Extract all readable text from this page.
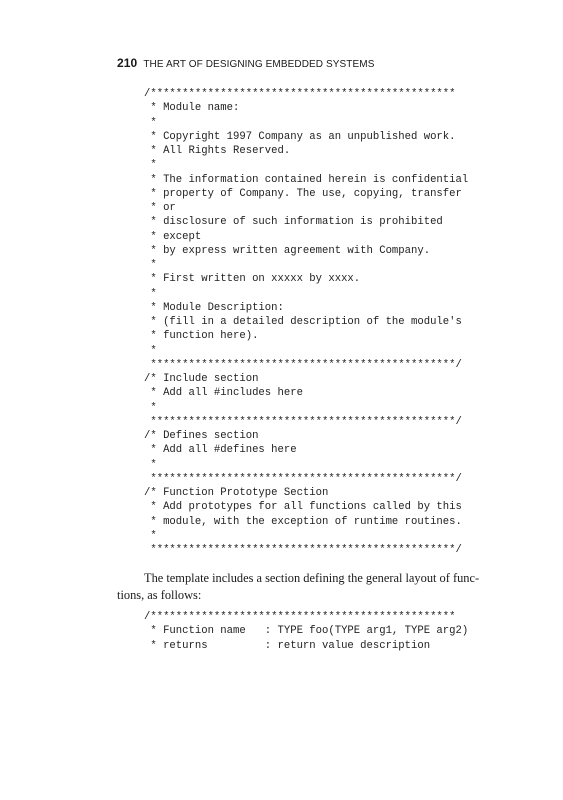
210 THE ART OF DESIGNING EMBEDDED SYSTEMS
/************************************************
* Module name:
*
* Copyright 1997 Company as an unpublished work.
* All Rights Reserved.
*
* The information contained herein is confidential
* property of Company. The use, copying, transfer
* or
* disclosure of such information is prohibited
* except
* by express written agreement with Company.
*
* First written on xxxxx by xxxx.
*
* Module Description:
* (fill in a detailed description of the module's
* function here).
*
************************************************/
/* Include section
* Add all #includes here
*
************************************************/
/* Defines section
* Add all #defines here
*
************************************************/
/* Function Prototype Section
* Add prototypes for all functions called by this
* module, with the exception of runtime routines.
*
************************************************/

The template includes a section defining the general layout of func-
tions, as follows:

/************************************************
* Function name   : TYPE foo(TYPE arg1, TYPE arg2)
* returns         : return value description
